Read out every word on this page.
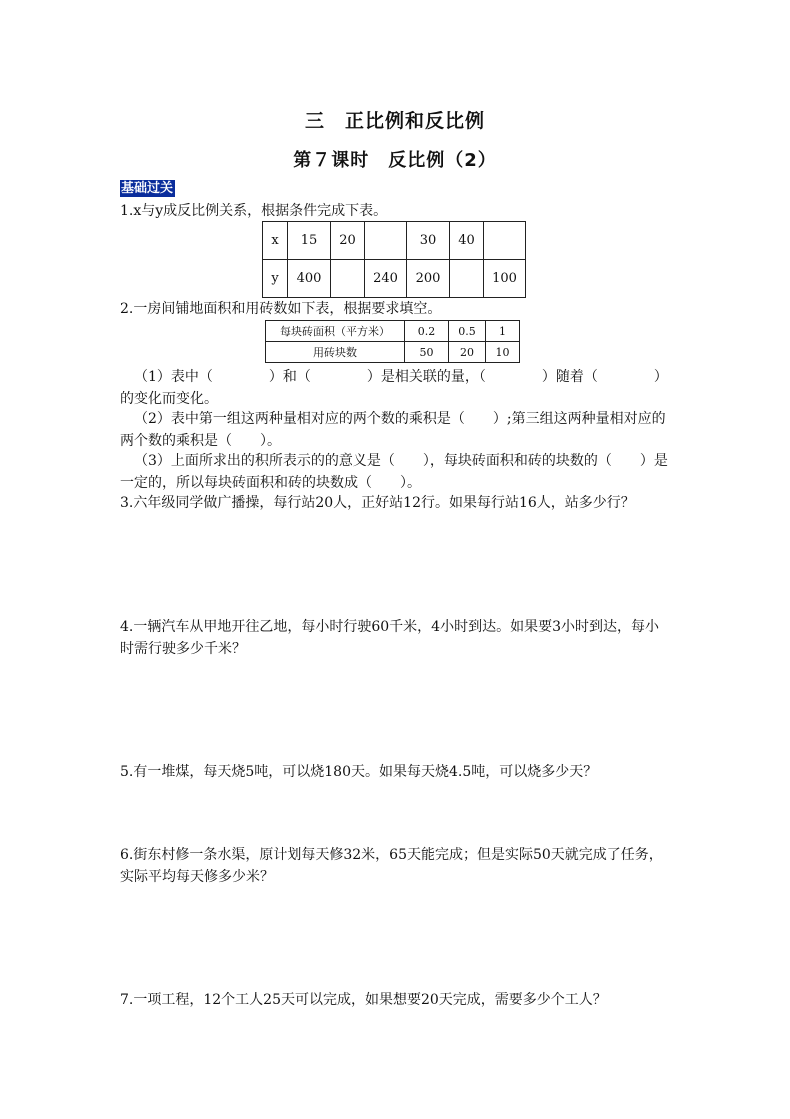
三　正比例和反比例
第７课时　反比例（2）
基础过关
1.x与y成反比例关系，根据条件完成下表。
x	15	20		30	40	
y	400		240	200		100
2.一房间铺地面积和用砖数如下表，根据要求填空。
每块砖面积（平方米）	0.2	0.5	1
用砖块数	50	20	10
（1）表中（　　　　）和（　　　　）是相关联的量，（　　　　）随着（　　　　）的变化而变化。
（2）表中第一组这两种量相对应的两个数的乘积是（　　）;第三组这两种量相对应的两个数的乘积是（　　）。
（3）上面所求出的积所表示的的意义是（　　），每块砖面积和砖的块数的（　　）是一定的，所以每块砖面积和砖的块数成（　　）。
3.六年级同学做广播操，每行站20人，正好站12行。如果每行站16人，站多少行？
4.一辆汽车从甲地开往乙地，每小时行驶60千米，4小时到达。如果要3小时到达，每小时需行驶多少千米？
5.有一堆煤，每天烧5吨，可以烧180天。如果每天烧4.5吨，可以烧多少天？
6.街东村修一条水渠，原计划每天修32米，65天能完成；但是实际50天就完成了任务，实际平均每天修多少米？
7.一项工程，12个工人25天可以完成，如果想要20天完成，需要多少个工人？
